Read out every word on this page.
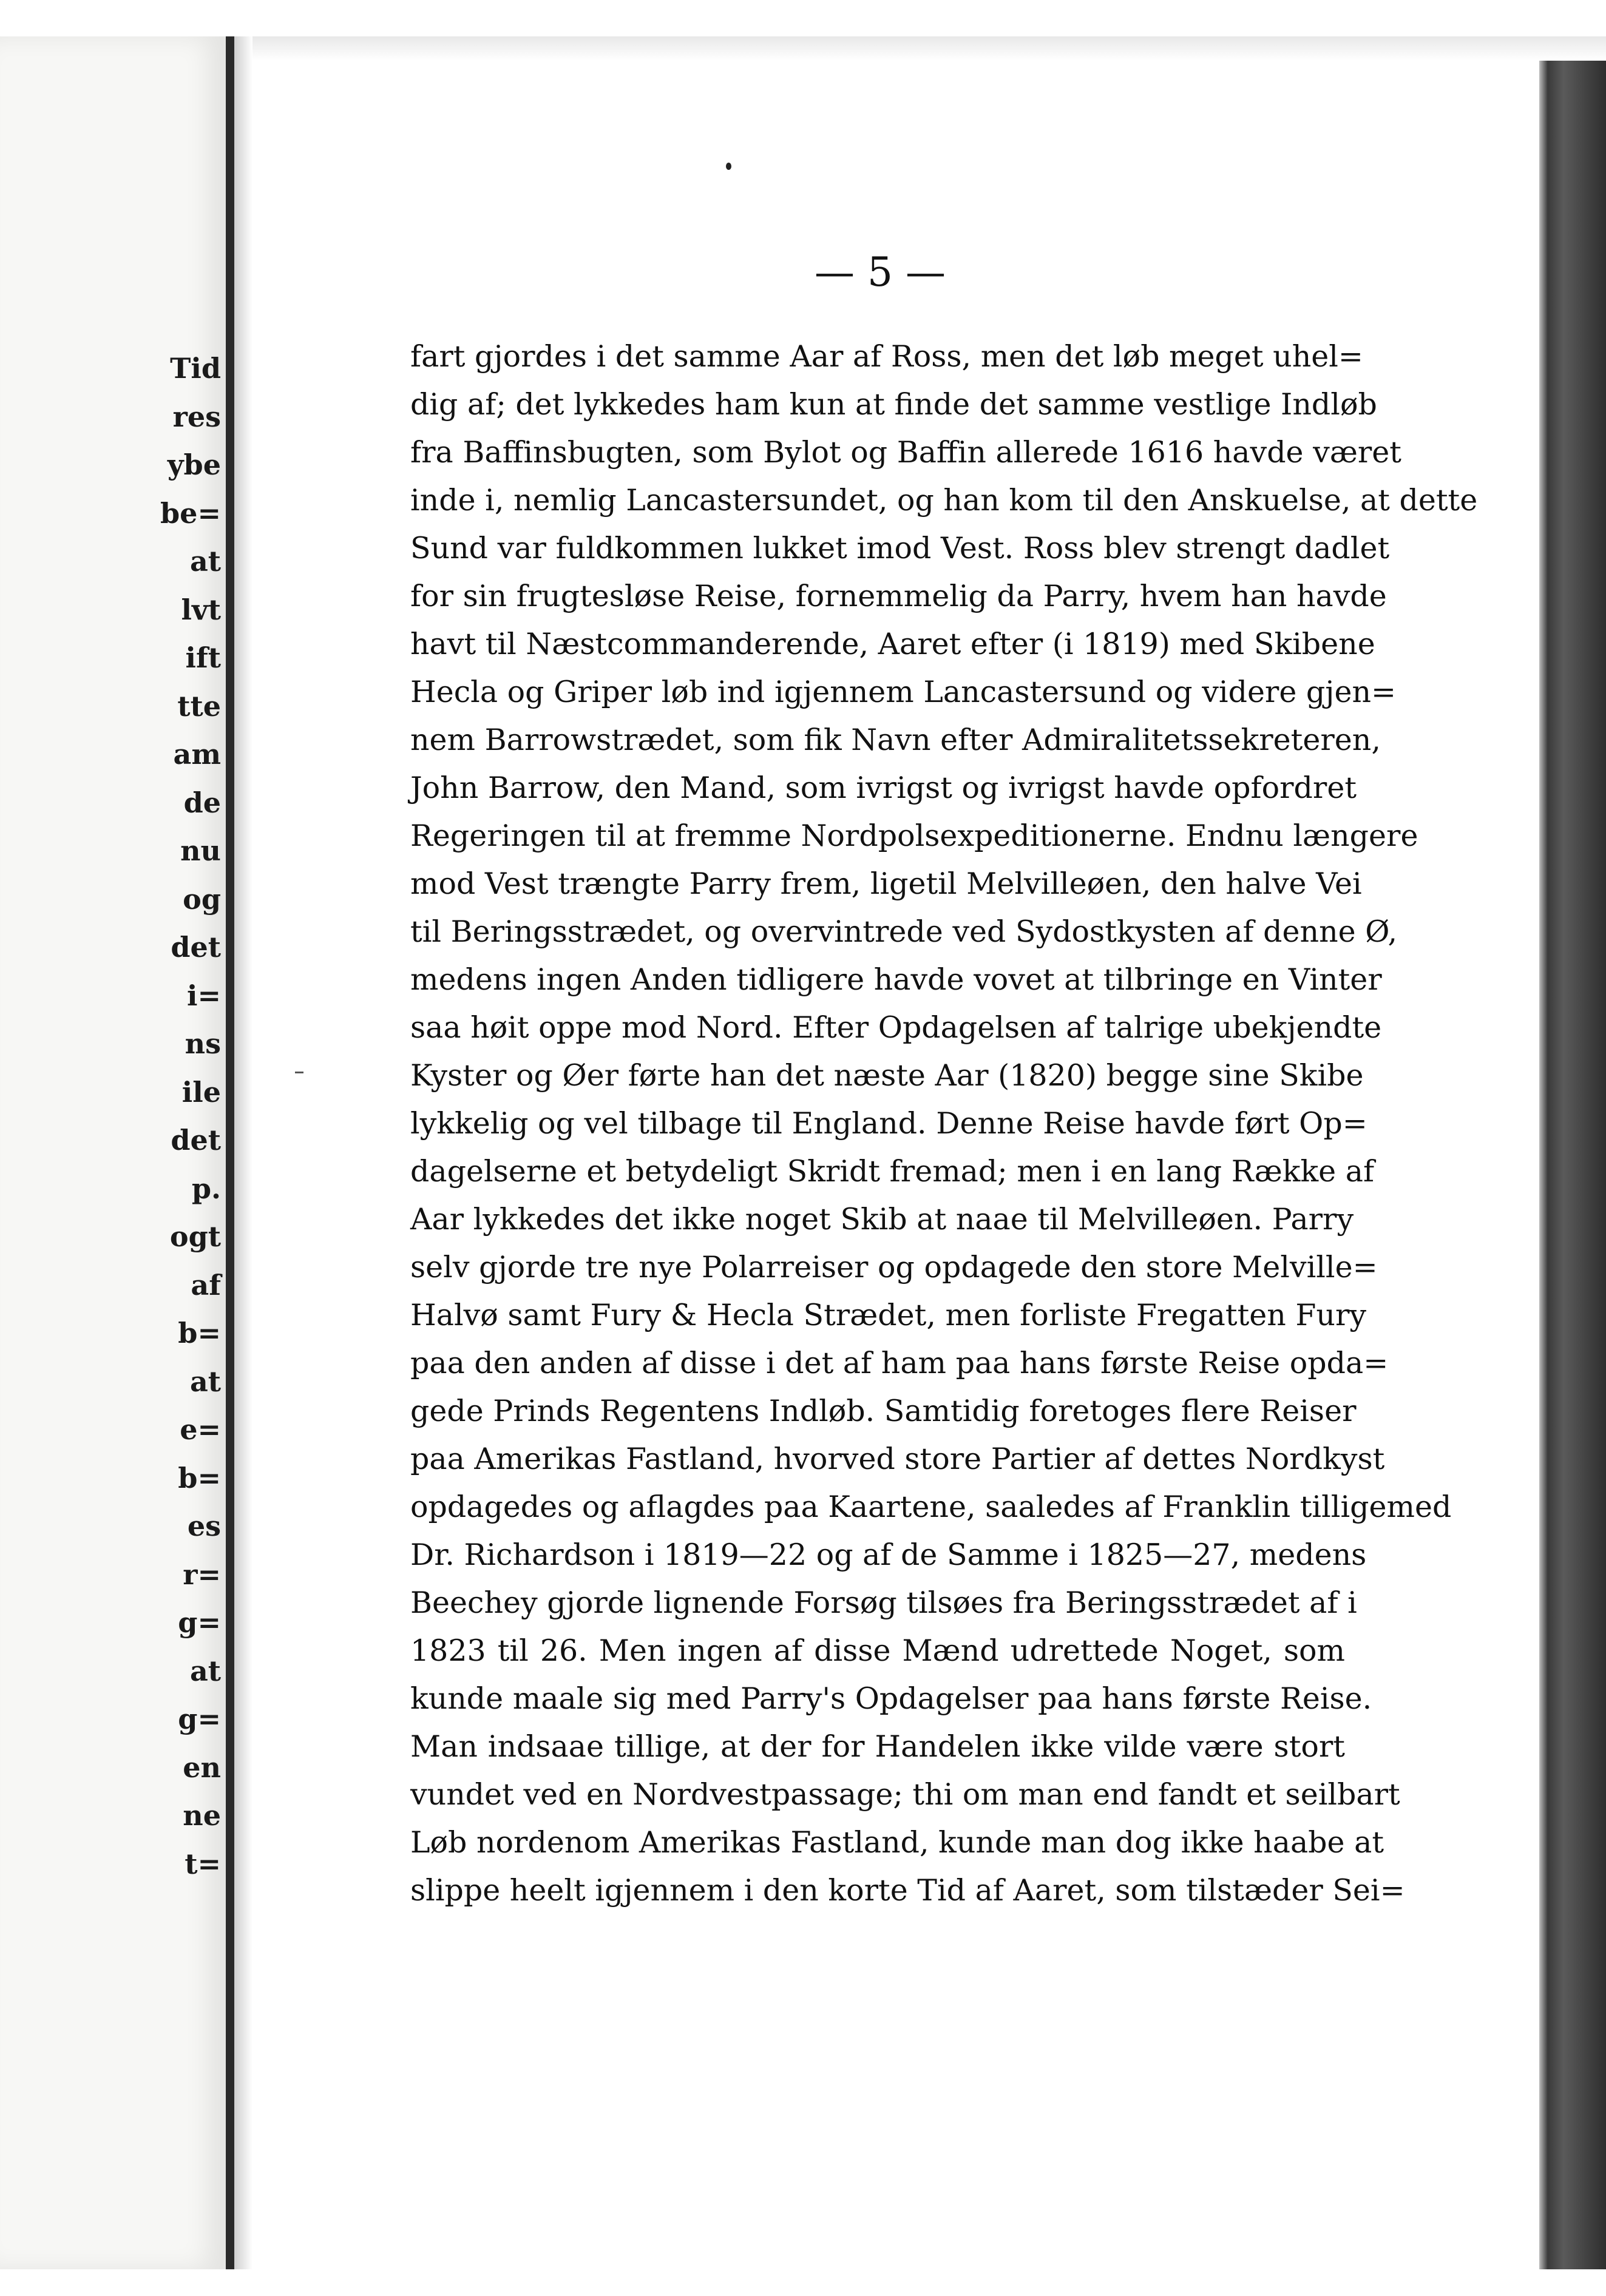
Tid
res
ybe
be=
at
lvt
ift
tte
am
de
nu
og
det
i=
ns
ile
det
p.
ogt
af
b=
at
e=
b=
es
r=
g=
at
g=
en
ne
t=
— 5 —
fart gjordes i det samme Aar af Ross, men det løb meget uhel=
dig af; det lykkedes ham kun at finde det samme vestlige Indløb
fra Baffinsbugten, som Bylot og Baffin allerede 1616 havde været
inde i, nemlig Lancastersundet, og han kom til den Anskuelse, at dette
Sund var fuldkommen lukket imod Vest. Ross blev strengt dadlet
for sin frugtesløse Reise, fornemmelig da Parry, hvem han havde
havt til Næstcommanderende, Aaret efter (i 1819) med Skibene
Hecla og Griper løb ind igjennem Lancastersund og videre gjen=
nem Barrowstrædet, som fik Navn efter Admiralitetssekreteren,
John Barrow, den Mand, som ivrigst og ivrigst havde opfordret
Regeringen til at fremme Nordpolsexpeditionerne. Endnu længere
mod Vest trængte Parry frem, ligetil Melvilleøen, den halve Vei
til Beringsstrædet, og overvintrede ved Sydostkysten af denne Ø,
medens ingen Anden tidligere havde vovet at tilbringe en Vinter
saa høit oppe mod Nord. Efter Opdagelsen af talrige ubekjendte
Kyster og Øer førte han det næste Aar (1820) begge sine Skibe
lykkelig og vel tilbage til England. Denne Reise havde ført Op=
dagelserne et betydeligt Skridt fremad; men i en lang Række af
Aar lykkedes det ikke noget Skib at naae til Melvilleøen. Parry
selv gjorde tre nye Polarreiser og opdagede den store Melville=
Halvø samt Fury & Hecla Strædet, men forliste Fregatten Fury
paa den anden af disse i det af ham paa hans første Reise opda=
gede Prinds Regentens Indløb. Samtidig foretoges flere Reiser
paa Amerikas Fastland, hvorved store Partier af dettes Nordkyst
opdagedes og aflagdes paa Kaartene, saaledes af Franklin tilligemed
Dr. Richardson i 1819—22 og af de Samme i 1825—27, medens
Beechey gjorde lignende Forsøg tilsøes fra Beringsstrædet af i
1823 til 26. Men ingen af disse Mænd udrettede Noget, som
kunde maale sig med Parry's Opdagelser paa hans første Reise.
Man indsaae tillige, at der for Handelen ikke vilde være stort
vundet ved en Nordvestpassage; thi om man end fandt et seilbart
Løb nordenom Amerikas Fastland, kunde man dog ikke haabe at
slippe heelt igjennem i den korte Tid af Aaret, som tilstæder Sei=
